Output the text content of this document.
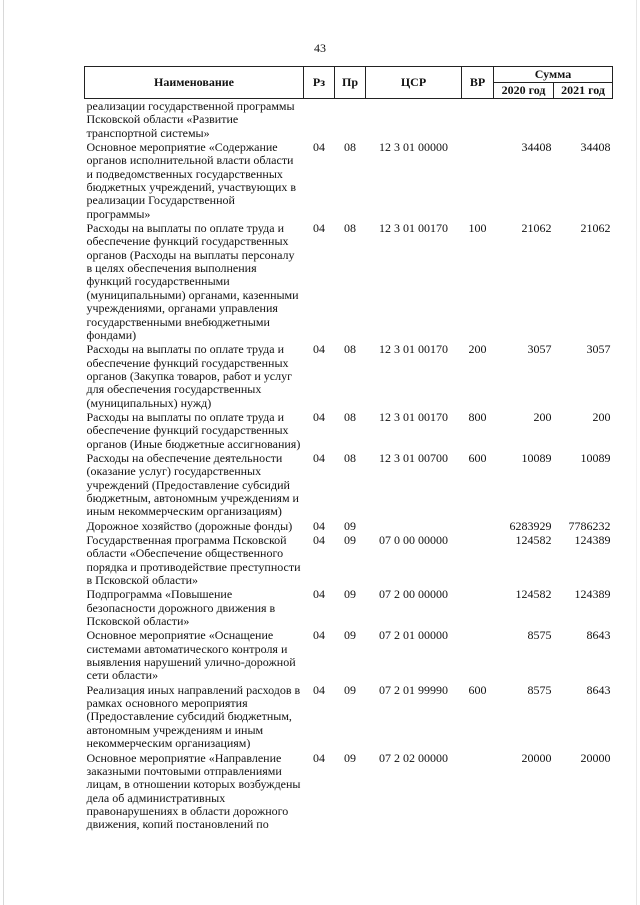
43
Наименование	Рз	Пр	ЦСР	ВР	Сумма	
					2020 год	2021 год
реализации государственной программы Псковской области «Развитие транспортной системы»						
Основное мероприятие «Содержание органов исполнительной власти области и подведомственных государственных бюджетных учреждений, участвующих в реализации Государственной программы»	04	08	12 3 01 00000		34408	34408
Расходы на выплаты по оплате труда и обеспечение функций государственных органов (Расходы на выплаты персоналу в целях обеспечения выполнения функций государственными (муниципальными) органами, казенными учреждениями, органами управления государственными внебюджетными фондами)	04	08	12 3 01 00170	100	21062	21062
Расходы на выплаты по оплате труда и обеспечение функций государственных органов (Закупка товаров, работ и услуг для обеспечения государственных (муниципальных) нужд)	04	08	12 3 01 00170	200	3057	3057
Расходы на выплаты по оплате труда и обеспечение функций государственных органов (Иные бюджетные ассигнования)	04	08	12 3 01 00170	800	200	200
Расходы на обеспечение деятельности (оказание услуг) государственных учреждений (Предоставление субсидий бюджетным, автономным учреждениям и иным некоммерческим организациям)	04	08	12 3 01 00700	600	10089	10089
Дорожное хозяйство (дорожные фонды)	04	09			6283929	7786232
Государственная программа Псковской области «Обеспечение общественного порядка и противодействие преступности в Псковской области»	04	09	07 0 00 00000		124582	124389
Подпрограмма «Повышение безопасности дорожного движения в Псковской области»	04	09	07 2 00 00000		124582	124389
Основное мероприятие «Оснащение системами автоматического контроля и выявления нарушений улично-дорожной сети области»	04	09	07 2 01 00000		8575	8643
Реализация иных направлений расходов в рамках основного мероприятия (Предоставление субсидий бюджетным, автономным учреждениям и иным некоммерческим организациям)	04	09	07 2 01 99990	600	8575	8643
Основное мероприятие «Направление заказными почтовыми отправлениями лицам, в отношении которых возбуждены дела об административных правонарушениях в области дорожного движения, копий постановлений по	04	09	07 2 02 00000		20000	20000
